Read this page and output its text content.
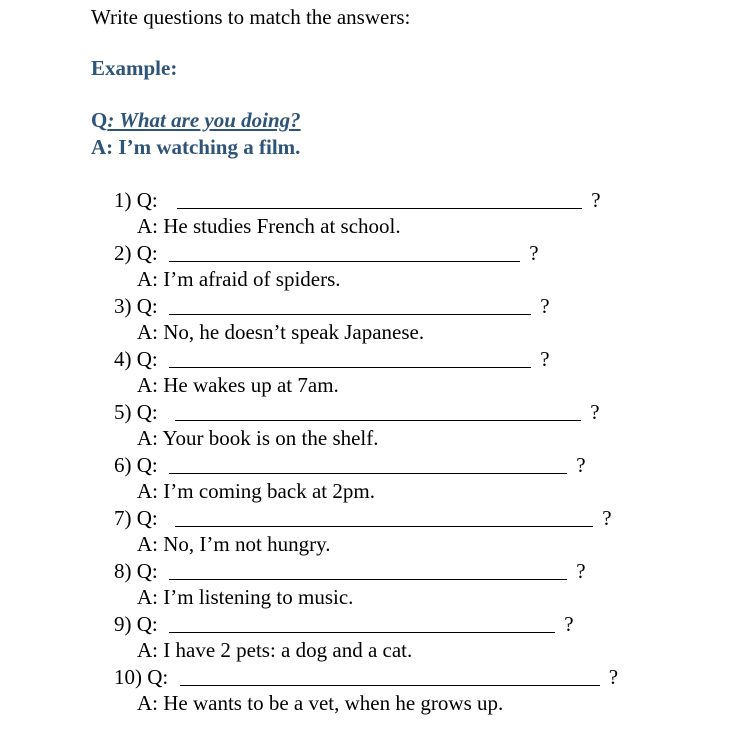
Write questions to match the answers:
Example:
Q: What are you doing?
A: I’m watching a film.
1) Q:	?
A: He studies French at school.
2) Q:	?
A: I’m afraid of spiders.
3) Q:	?
A: No, he doesn’t speak Japanese.
4) Q:	?
A: He wakes up at 7am.
5) Q:	?
A: Your book is on the shelf.
6) Q:	?
A: I’m coming back at 2pm.
7) Q:	?
A: No, I’m not hungry.
8) Q:	?
A: I’m listening to music.
9) Q:	?
A: I have 2 pets: a dog and a cat.
10) Q:	?
A: He wants to be a vet, when he grows up.
